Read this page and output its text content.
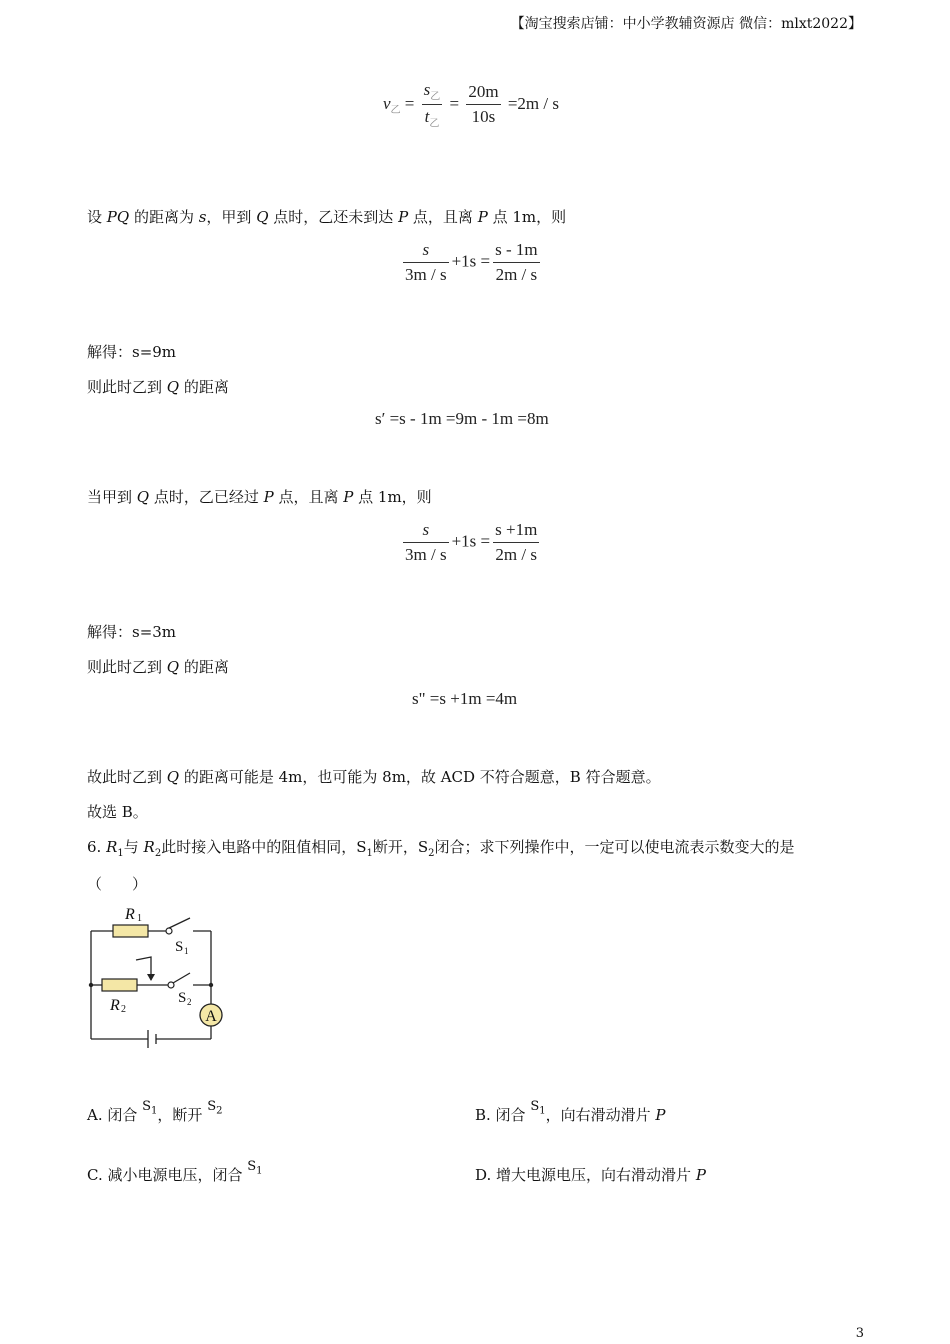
【淘宝搜索店铺：中小学教辅资源店 微信：mlxt2022】
$v_乙 = \frac{s_乙}{t_乙} = \frac{20m}{10s} =2m / s$
设 PQ 的距离为 s，甲到 Q 点时，乙还未到达 P 点，且离 P 点 1m，则
$\frac{s}{3m / s} +1s = \frac{s - 1m}{2m / s}$
解得：s=9m
则此时乙到 Q 的距离
s′ =s - 1m =9m - 1m =8m
当甲到 Q 点时，乙已经过 P 点，且离 P 点 1m，则
$\frac{s}{3m / s} +1s = \frac{s +1m}{2m / s}$
解得：s=3m
则此时乙到 Q 的距离
s" =s +1m =4m
故此时乙到 Q 的距离可能是 4m，也可能为 8m，故 ACD 不符合题意，B 符合题意。
故选 B。
6. $R_1$与 $R_2$此时接入电路中的阻值相同，$S_1$断开，$S_2$闭合；求下列操作中，一定可以使电流表示数变大的是
（　　）
A
R 1
S 1
S 2
R 2
A. 闭合 $S_1$，断开 $S_2$	B. 闭合 $S_1$，向右滑动滑片 P
C. 减小电源电压，闭合 $S_1$	D. 增大电源电压，向右滑动滑片 P
3
